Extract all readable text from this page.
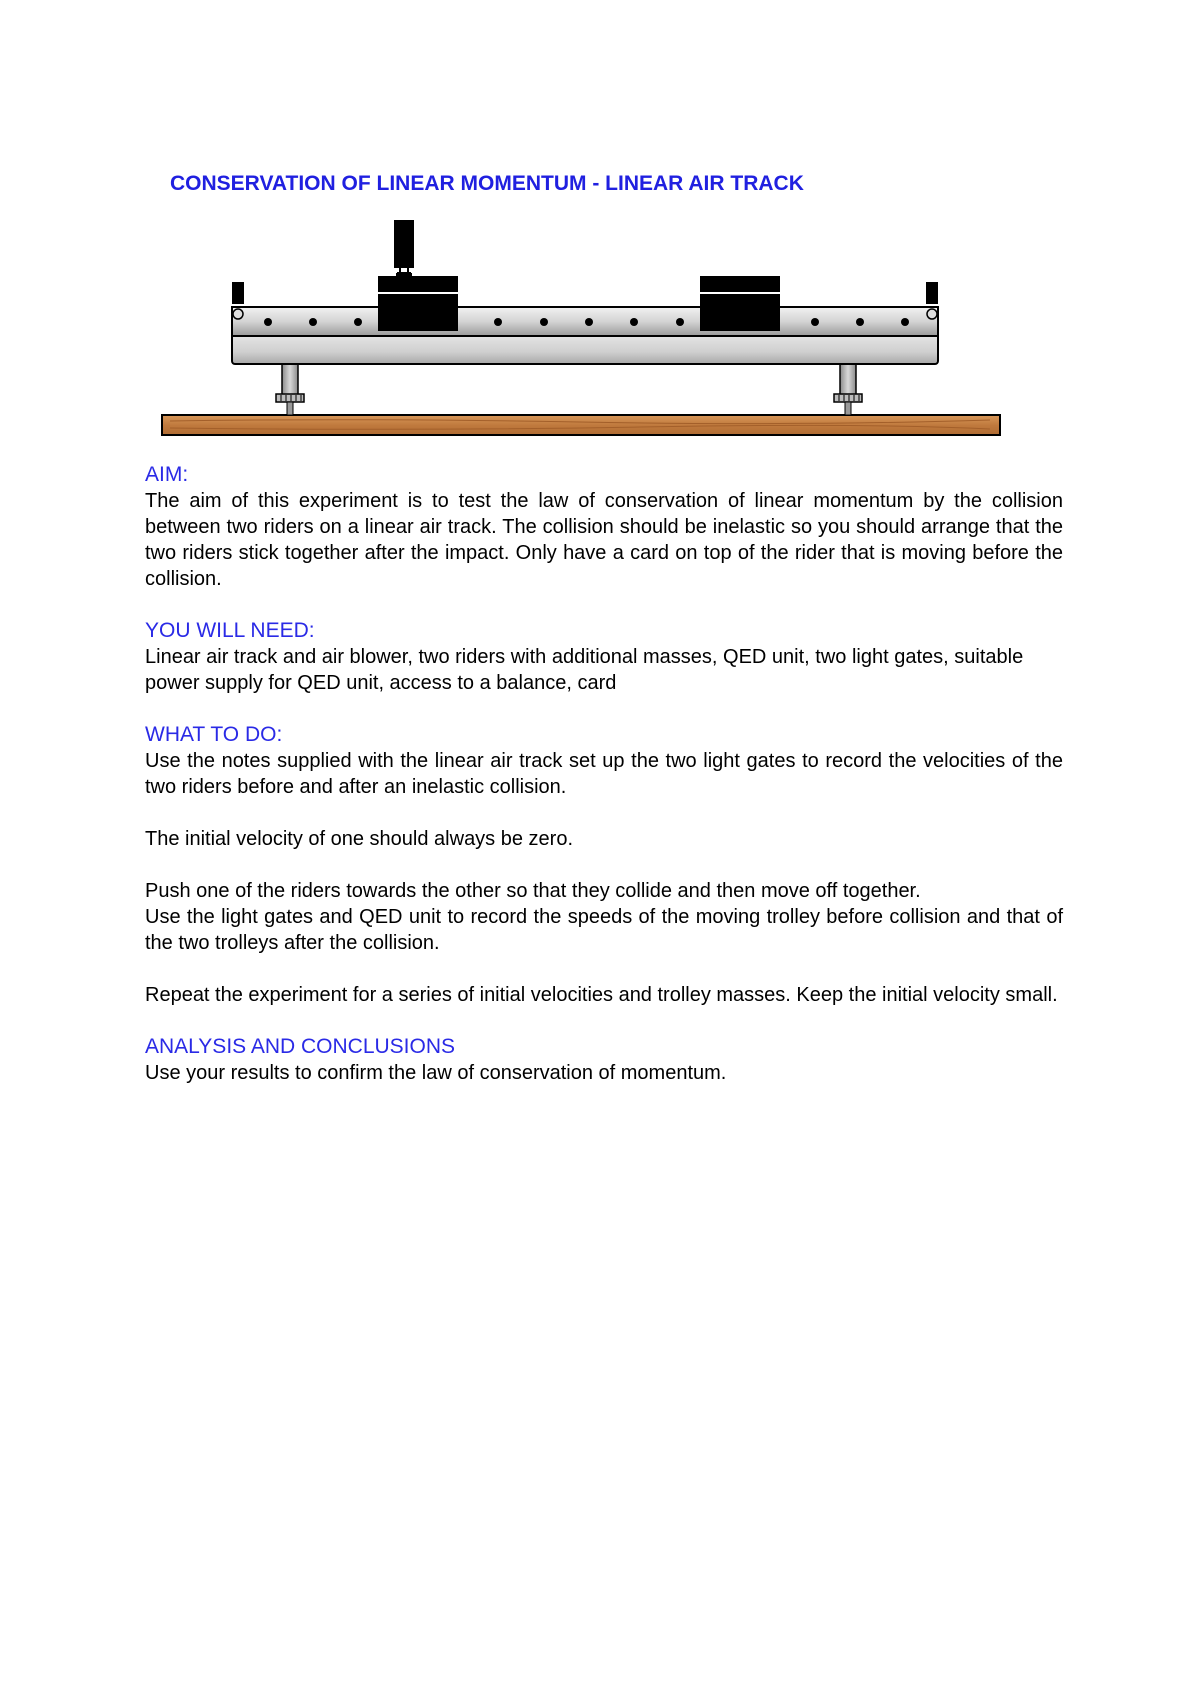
CONSERVATION OF LINEAR MOMENTUM - LINEAR AIR TRACK
AIM:

The aim of this experiment is to test the law of conservation of linear momentum by the collision between two riders on a linear air track. The collision should be inelastic so you should arrange that the two riders stick together after the impact. Only have a card on top of the rider that is moving before the collision.

YOU WILL NEED:

Linear air track and air blower, two riders with additional masses, QED unit, two light gates, suitable power supply for QED unit, access to a balance, card

WHAT TO DO:

Use the notes supplied with the linear air track set up the two light gates to record the velocities of the two riders before and after an inelastic collision.

The initial velocity of one should always be zero.

Push one of the riders towards the other so that they collide and then move off together.

Use the light gates and QED unit to record the speeds of the moving trolley before collision and that of the two trolleys after the collision.

Repeat the experiment for a series of initial velocities and trolley masses. Keep the initial velocity small.

ANALYSIS AND CONCLUSIONS

Use your results to confirm the law of conservation of momentum.
